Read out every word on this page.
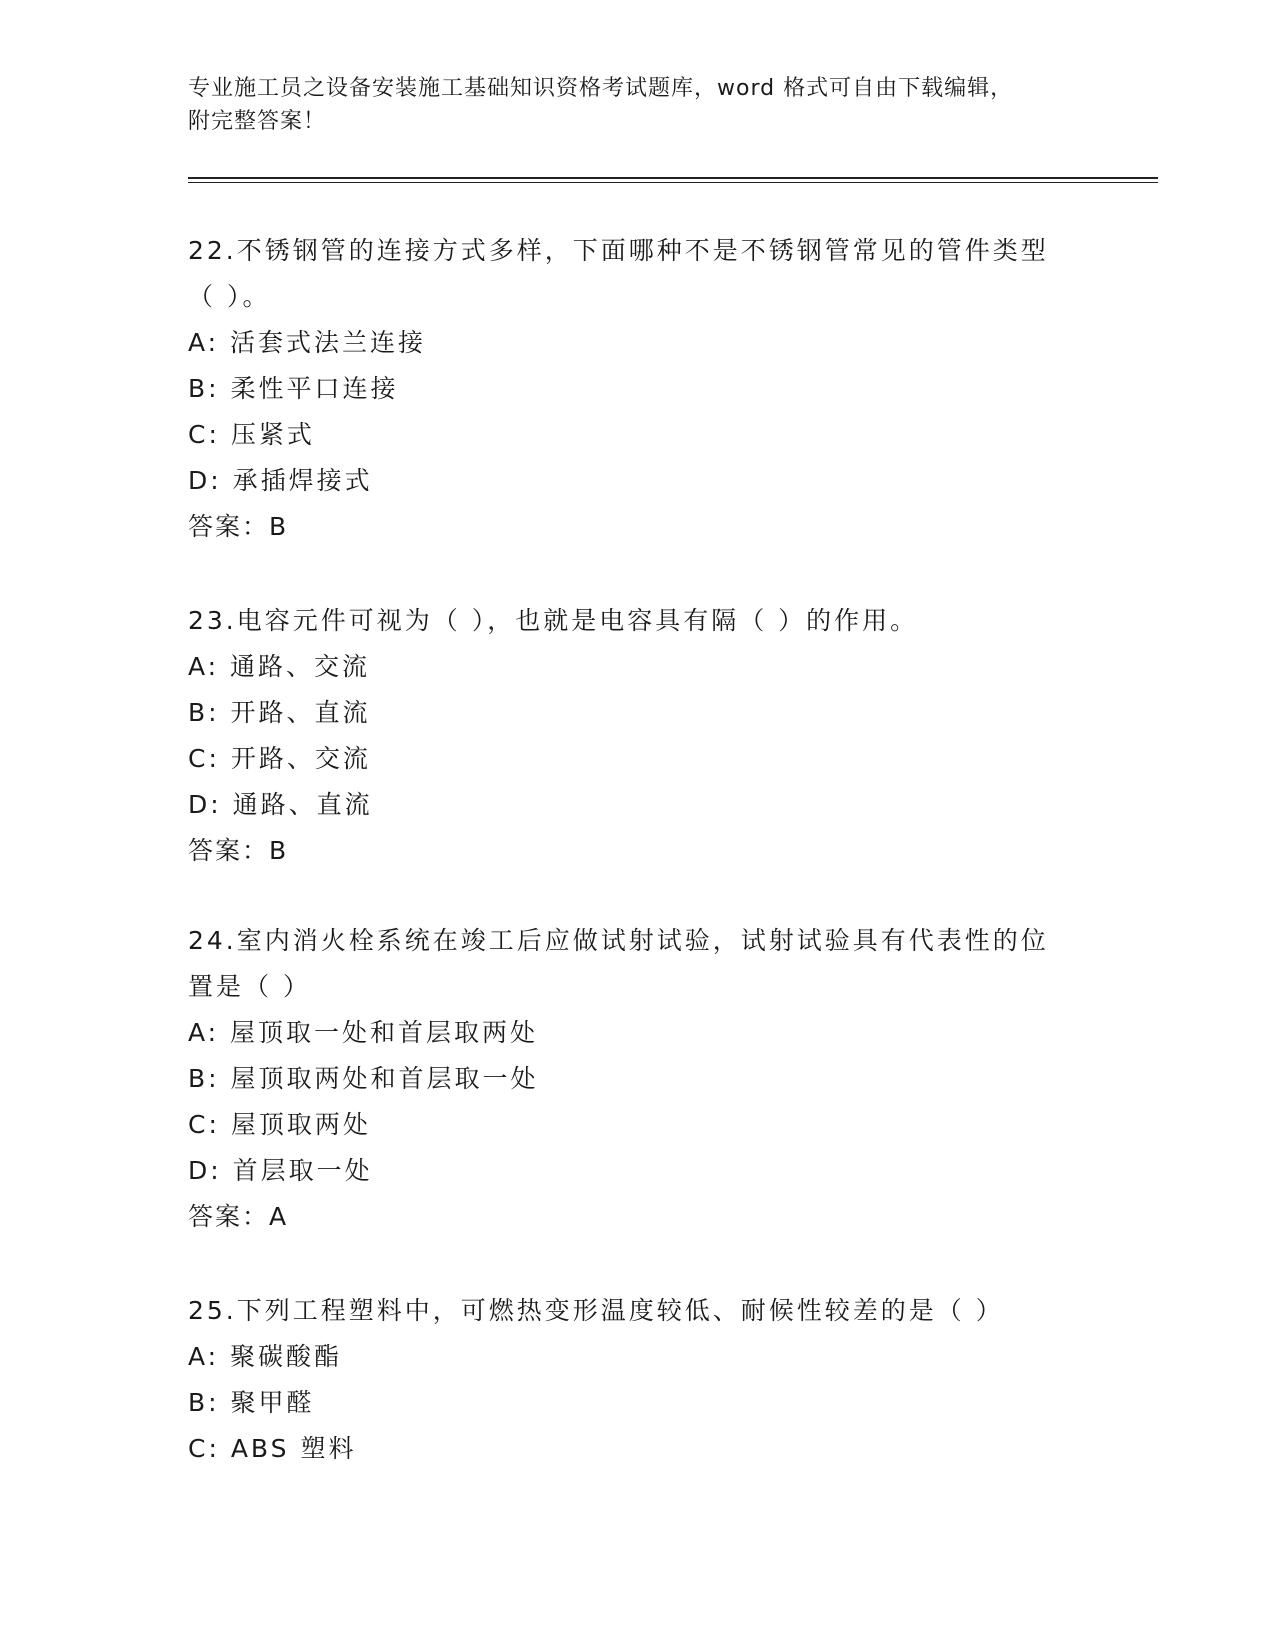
专业施工员之设备安装施工基础知识资格考试题库，word 格式可自由下载编辑，
附完整答案！
22.不锈钢管的连接方式多样，下面哪种不是不锈钢管常见的管件类型
（ ）。
A: 活套式法兰连接
B: 柔性平口连接
C: 压紧式
D: 承插焊接式
答案：B
23.电容元件可视为（ ），也就是电容具有隔（ ）的作用。
A: 通路、交流
B: 开路、直流
C: 开路、交流
D: 通路、直流
答案：B
24.室内消火栓系统在竣工后应做试射试验，试射试验具有代表性的位
置是（ ）
A: 屋顶取一处和首层取两处
B: 屋顶取两处和首层取一处
C: 屋顶取两处
D: 首层取一处
答案：A
25.下列工程塑料中，可燃热变形温度较低、耐候性较差的是（ ）
A: 聚碳酸酯
B: 聚甲醛
C: ABS 塑料
